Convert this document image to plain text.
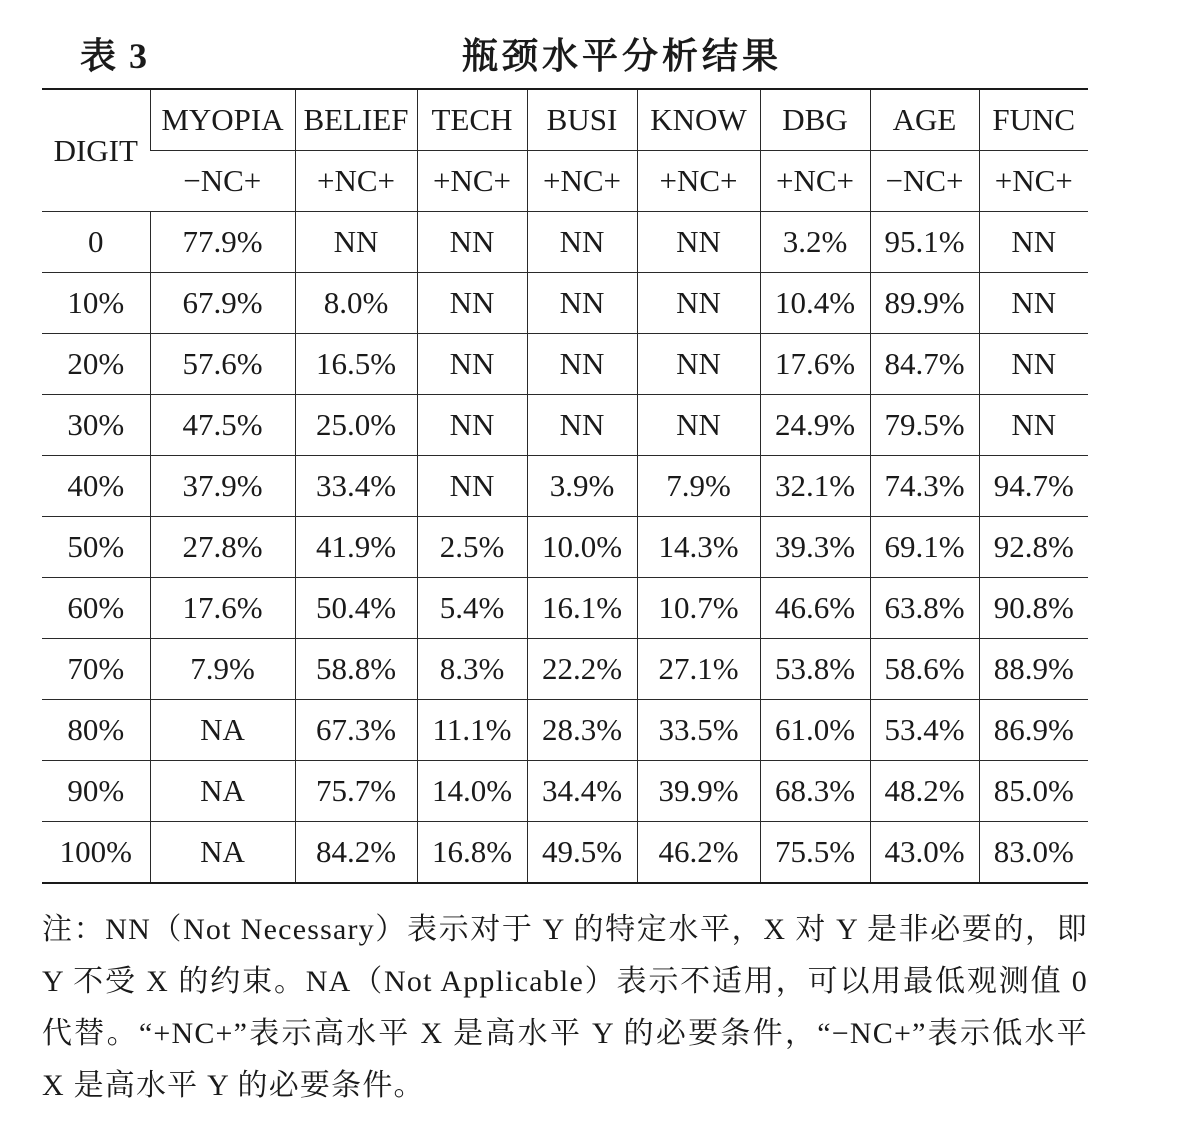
表 3	瓶颈水平分析结果
DIGIT	MYOPIA	BELIEF	TECH	BUSI	KNOW	DBG	AGE	FUNC
	−NC+	+NC+	+NC+	+NC+	+NC+	+NC+	−NC+	+NC+
0	77.9%	NN	NN	NN	NN	3.2%	95.1%	NN
10%	67.9%	8.0%	NN	NN	NN	10.4%	89.9%	NN
20%	57.6%	16.5%	NN	NN	NN	17.6%	84.7%	NN
30%	47.5%	25.0%	NN	NN	NN	24.9%	79.5%	NN
40%	37.9%	33.4%	NN	3.9%	7.9%	32.1%	74.3%	94.7%
50%	27.8%	41.9%	2.5%	10.0%	14.3%	39.3%	69.1%	92.8%
60%	17.6%	50.4%	5.4%	16.1%	10.7%	46.6%	63.8%	90.8%
70%	7.9%	58.8%	8.3%	22.2%	27.1%	53.8%	58.6%	88.9%
80%	NA	67.3%	11.1%	28.3%	33.5%	61.0%	53.4%	86.9%
90%	NA	75.7%	14.0%	34.4%	39.9%	68.3%	48.2%	85.0%
100%	NA	84.2%	16.8%	49.5%	46.2%	75.5%	43.0%	83.0%
注：NN（Not Necessary）表示对于 Y 的特定水平，X 对 Y 是非必要的，即 Y 不受 X 的约束。NA（Not Applicable）表示不适用，可以用最低观测值 0 代替。“+NC+”表示高水平 X 是高水平 Y 的必要条件，“−NC+”表示低水平 X 是高水平 Y 的必要条件。
